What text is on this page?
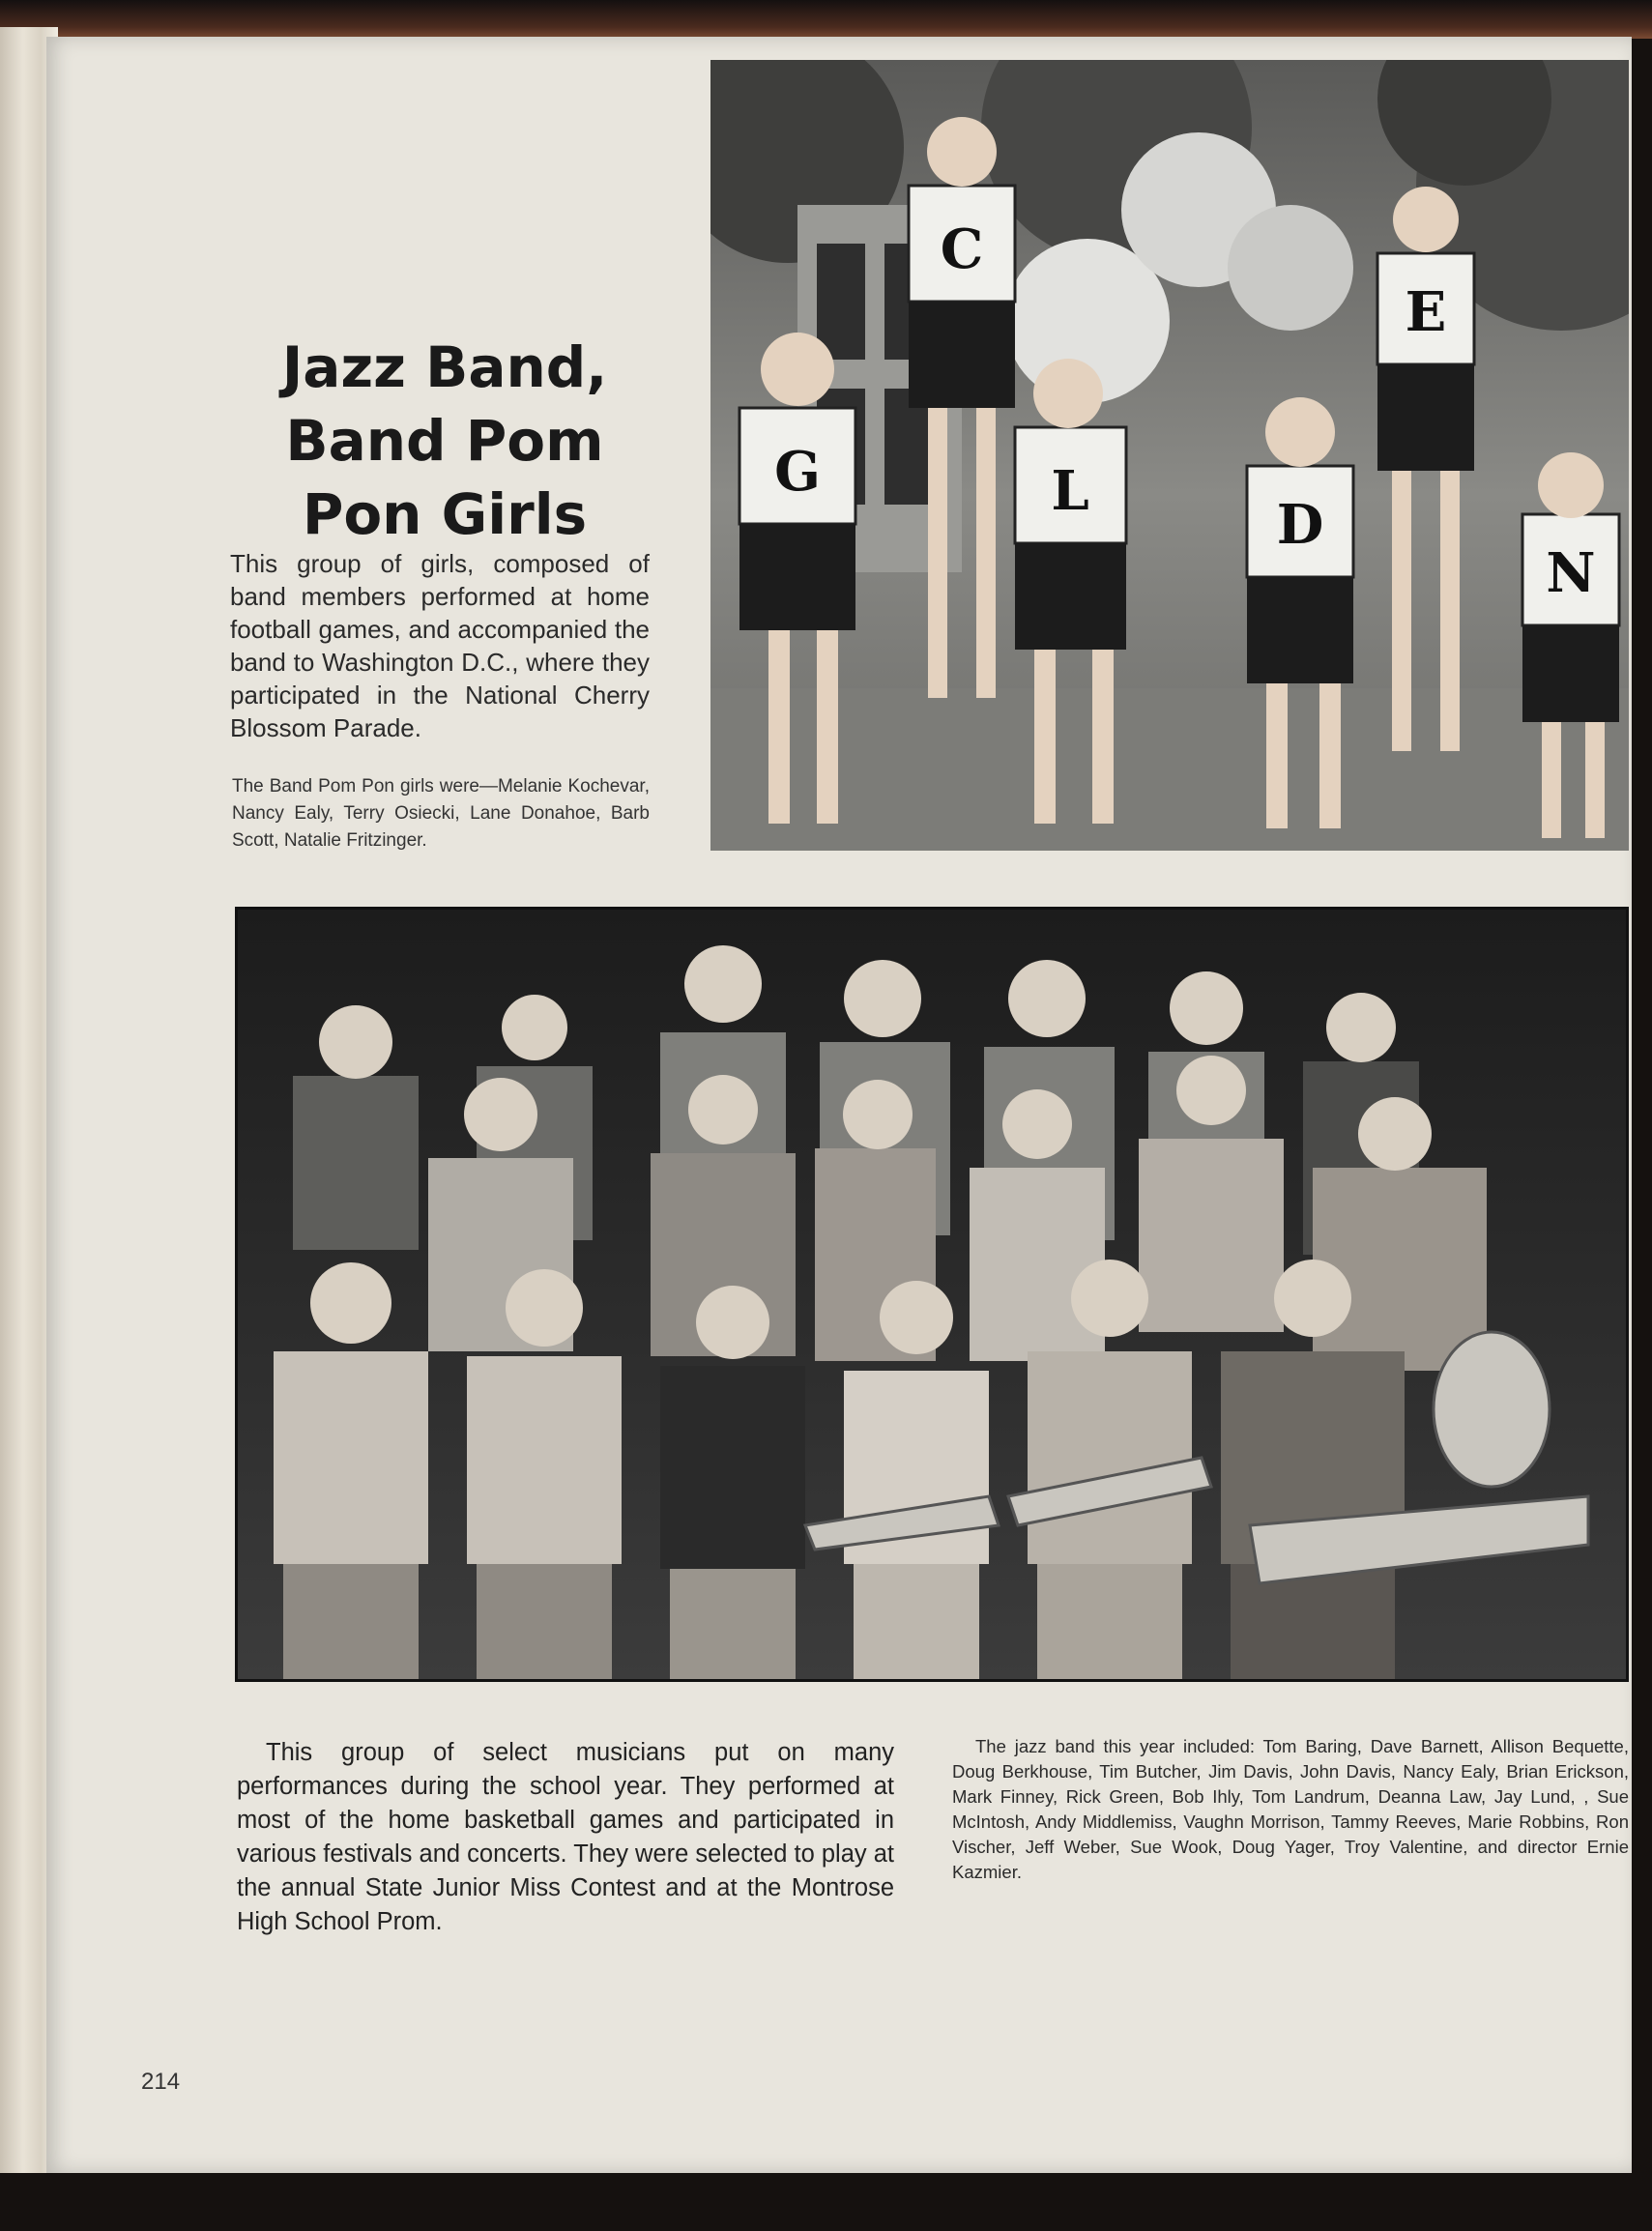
Jazz Band,
Band Pom
Pon Girls

This group of girls, composed of band members performed at home football games, and accompanied the band to Washington D.C., where they participated in the National Cherry Blossom Parade.

The Band Pom Pon girls were—Melanie Kochevar, Nancy Ealy, Terry Osiecki, Lane Donahoe, Barb Scott, Natalie Fritzinger.

G
C
L
D
E
N

This group of select musicians put on many performances during the school year. They performed at most of the home basketball games and participated in various festivals and concerts. They were selected to play at the annual State Junior Miss Contest and at the Montrose High School Prom.

The jazz band this year included: Tom Baring, Dave Barnett, Allison Bequette, Doug Berkhouse, Tim Butcher, Jim Davis, John Davis, Nancy Ealy, Brian Erickson, Mark Finney, Rick Green, Bob Ihly, Tom Landrum, Deanna Law, Jay Lund, , Sue McIntosh, Andy Middlemiss, Vaughn Morrison, Tammy Reeves, Marie Robbins, Ron Vischer, Jeff Weber, Sue Wook, Doug Yager, Troy Valentine, and director Ernie Kazmier.

214
